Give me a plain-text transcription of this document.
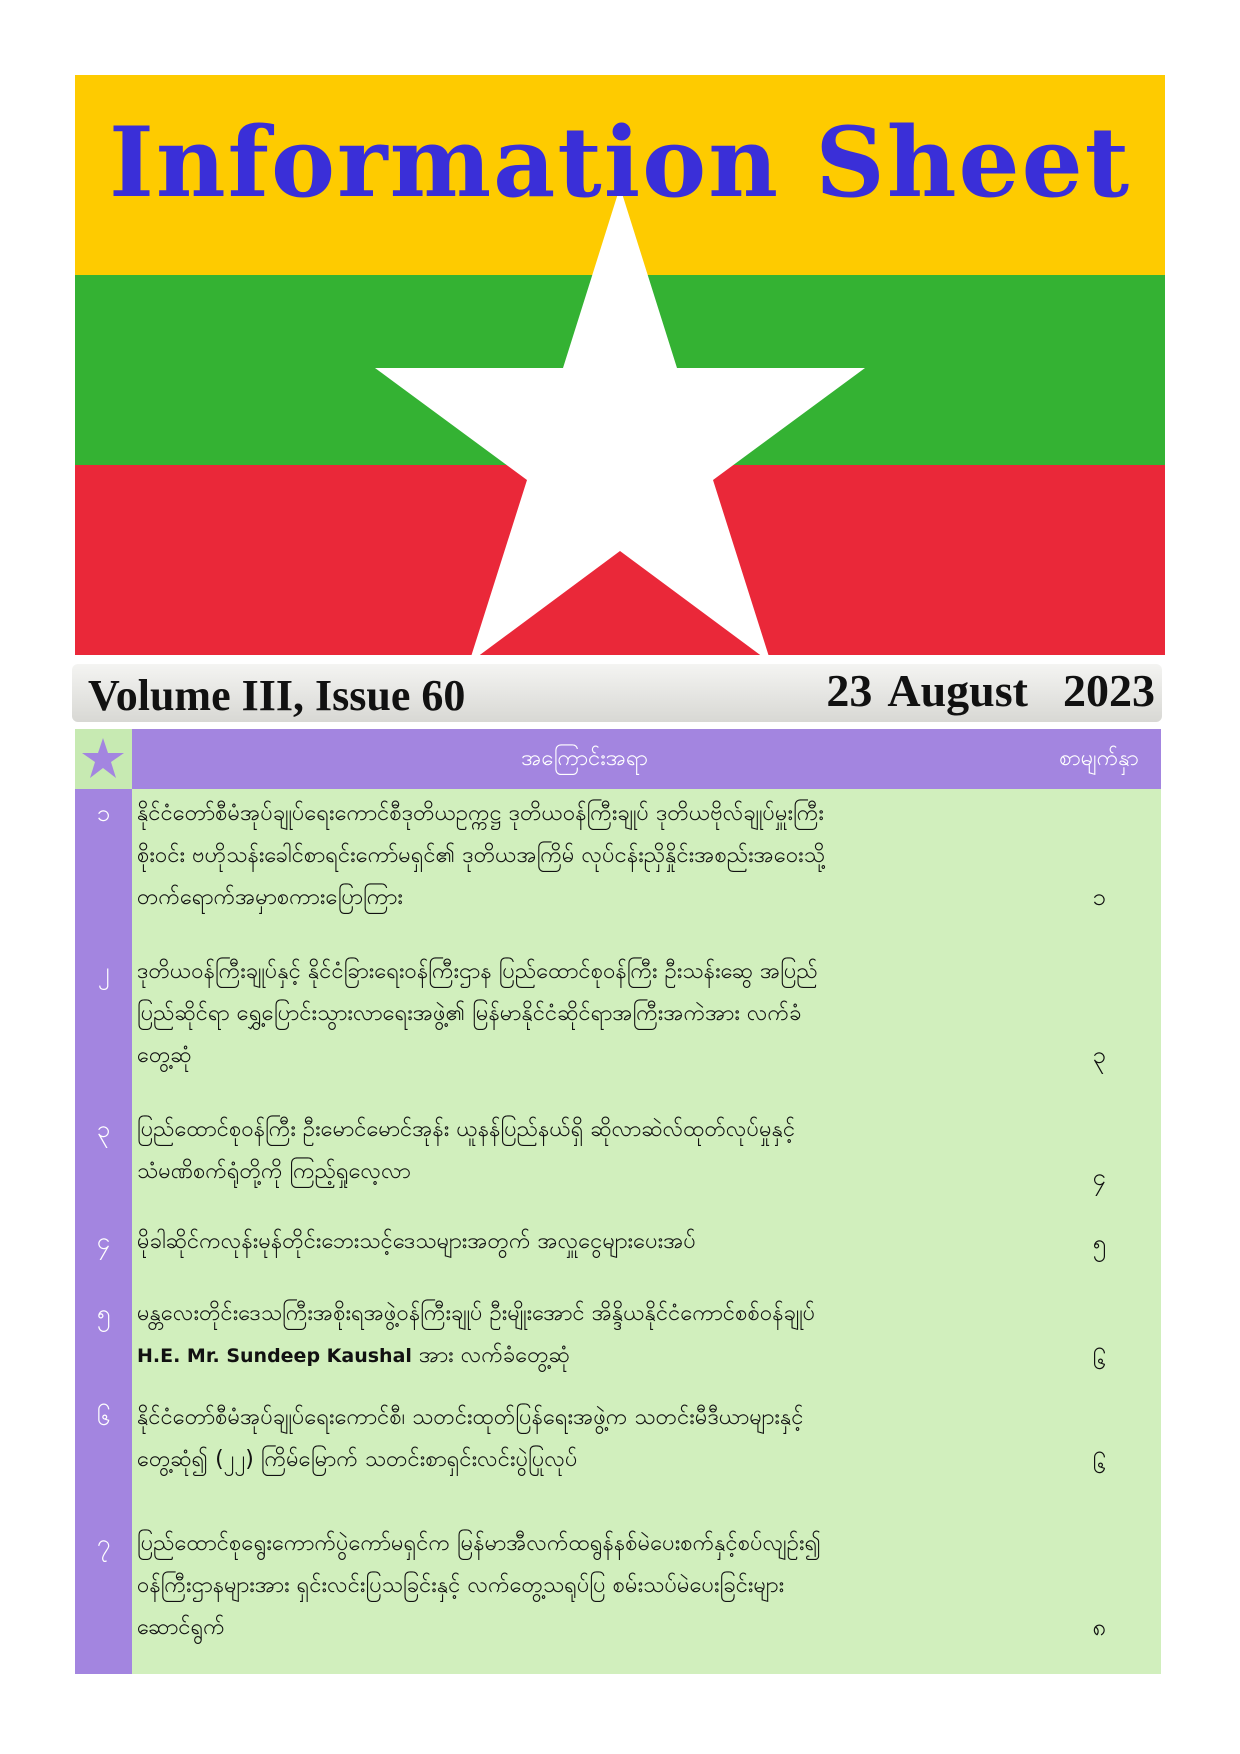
Information Sheet
Volume III, Issue 60	23 August  2023
အကြောင်းအရာ	စာမျက်နှာ
၁	နိုင်ငံတော်စီမံအုပ်ချုပ်ရေးကောင်စီဒုတိယဥက္ကဋ္ဌ ဒုတိယဝန်ကြီးချုပ် ဒုတိယဗိုလ်ချုပ်မှူးကြီး
စိုးဝင်း ဗဟိုသန်းခေါင်စာရင်းကော်မရှင်၏ ဒုတိယအကြိမ် လုပ်ငန်းညှိနှိုင်းအစည်းအဝေးသို့
တက်ရောက်အမှာစကားပြောကြား	၁
၂	ဒုတိယဝန်ကြီးချုပ်နှင့် နိုင်ငံခြားရေးဝန်ကြီးဌာန ပြည်ထောင်စုဝန်ကြီး ဦးသန်းဆွေ အပြည်
ပြည်ဆိုင်ရာ ရွှေ့ပြောင်းသွားလာရေးအဖွဲ့၏ မြန်မာနိုင်ငံဆိုင်ရာအကြီးအကဲအား လက်ခံ
တွေ့ဆုံ	၃
၃	ပြည်ထောင်စုဝန်ကြီး ဦးမောင်မောင်အုန်း ယူနန်ပြည်နယ်ရှိ ဆိုလာဆဲလ်ထုတ်လုပ်မှုနှင့်
သံမဏိစက်ရုံတို့ကို ကြည့်ရှုလေ့လာ	၄
၄	မိုခါဆိုင်ကလုန်းမုန်တိုင်းဘေးသင့်ဒေသများအတွက် အလှူငွေများပေးအပ်	၅
၅	မန္တလေးတိုင်းဒေသကြီးအစိုးရအဖွဲ့ဝန်ကြီးချုပ် ဦးမျိုးအောင် အိန္ဒိယနိုင်ငံကောင်စစ်ဝန်ချုပ်
H.E. Mr. Sundeep Kaushal အား လက်ခံတွေ့ဆုံ	၆
၆	နိုင်ငံတော်စီမံအုပ်ချုပ်ရေးကောင်စီ၊ သတင်းထုတ်ပြန်ရေးအဖွဲ့က သတင်းမီဒီယာများနှင့်
တွေ့ဆုံ၍ (၂၂) ကြိမ်မြောက် သတင်းစာရှင်းလင်းပွဲပြုလုပ်	၆
၇	ပြည်ထောင်စုရွေးကောက်ပွဲကော်မရှင်က မြန်မာအီလက်ထရွန်နစ်မဲပေးစက်နှင့်စပ်လျဉ်း၍
ဝန်ကြီးဌာနများအား ရှင်းလင်းပြသခြင်းနှင့် လက်တွေ့သရုပ်ပြ စမ်းသပ်မဲပေးခြင်းများ
ဆောင်ရွက်	၈
